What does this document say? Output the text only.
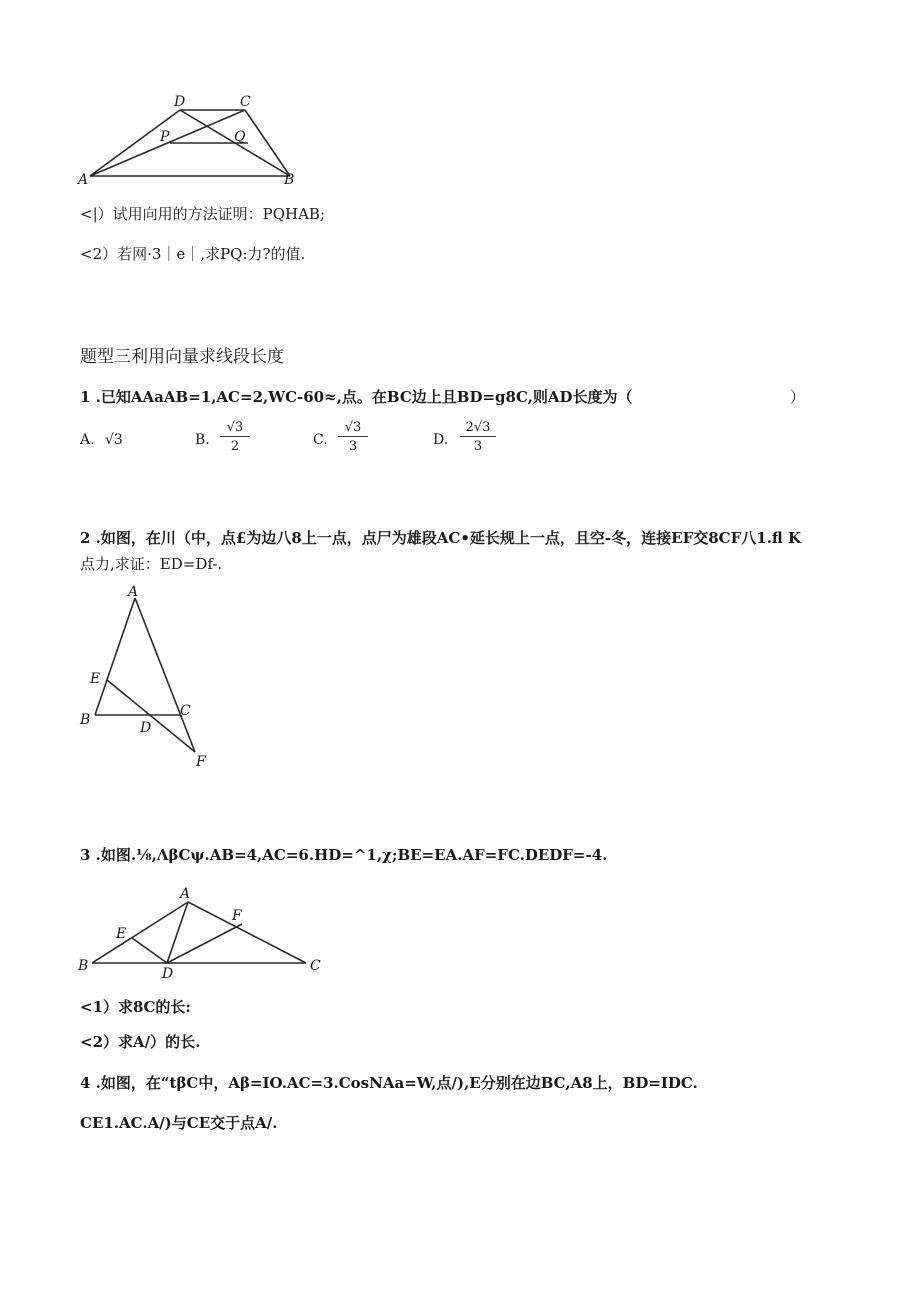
D	C
P	Q
A	B
<|）试用向用的方法证明：PQHAB;
<2）若网·3｜e｜,求PQ:力?的值.
题型三利用向量求线段长度
1 .已知AAaAB=1,AC=2,WC-60≈,点。在BC边上且BD=g8C,则AD长度为（	）
A. √3	B. $\frac{√3}{2}$	C. $\frac{√3}{3}$	D. $\frac{2√3}{3}$
2 .如图，在川（中，点£为边八8上一点，点尸为雄段AC•延长规上一点，且空-冬，连接EF交8CF八1.fl K
点力,求证：ED=Df-.
A
E
B	D
C
F
3 .如图.⅛,ΛβCψ.AB=4,AC=6.HD=^1,χ;BE=EA.AF=FC.DEDF=-4.
A
E
F
B	D	C
<1）求8C的长:
<2）求A/）的长.
4 .如图，在“tβC中，Aβ=IO.AC=3.CosNAa=W,点/),E分别在边BC,A8上，BD=IDC.
CE1.AC.A/)与CE交于点A/.
